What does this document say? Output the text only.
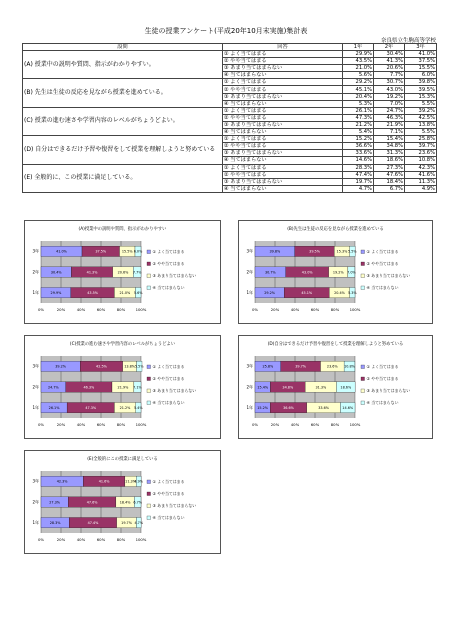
生徒の授業アンケート(平成20年10月末実施)集計表
奈良県立生駒高等学校
設問	回答	1年	2年	3年
(A) 授業中の説明や質問、指示がわかりやすい。	① よく当てはまる	29.9%	30.4%	41.0%
	② やや当てはまる	43.5%	41.3%	37.5%
	③ あまり当てはまらない	21.0%	20.6%	15.5%
	④ 当てはまらない	5.6%	7.7%	6.0%
(B) 先生は生徒の反応を見ながら授業を進めている。	① よく当てはまる	29.2%	30.7%	39.8%
	② やや当てはまる	45.1%	43.0%	39.5%
	③ あまり当てはまらない	20.4%	19.2%	15.3%
	④ 当てはまらない	5.3%	7.0%	5.5%
(C) 授業の進む速さや学習内容のレベルがちょうどよい。	① よく当てはまる	26.1%	24.7%	39.2%
	② やや当てはまる	47.3%	46.3%	42.5%
	③ あまり当てはまらない	21.2%	21.9%	13.8%
	④ 当てはまらない	5.4%	7.1%	5.5%
(D) 自分はできるだけ予習や復習をして授業を理解しようと努めている	① よく当てはまる	15.2%	15.4%	25.8%
	② やや当てはまる	36.6%	34.8%	39.7%
	③ あまり当てはまらない	33.6%	31.3%	23.6%
	④ 当てはまらない	14.6%	18.6%	10.8%
(E) 全般的に、この授業に満足している。	① よく当てはまる	28.3%	27.3%	42.3%
	② やや当てはまる	47.4%	47.6%	41.6%
	③ あまり当てはまらない	19.7%	18.4%	11.3%
	④ 当てはまらない	4.7%	6.7%	4.9%
(A)授業中の説明や質問、指示がわかりやすい
0%	20%	40%	60%	80%	100%
3年	41.0%	37.5%	15.5% 6.0%
2年	30.4%	41.3%	20.6% 7.7%
1年	29.9%	43.5%	21.0% 5.6%
① よく当てはまる
② やや当てはまる
③ あまり当てはまらない
④ 当てはまらない
(B)先生は生徒の反応を見ながら授業を進めている
0%	20%	40%	60%	80%	100%
3年	39.8%	39.5%	15.3% 5.5%
2年	30.7%	43.0%	19.2% 7.0%
1年	29.2%	45.1%	20.4% 5.3%
① よく当てはまる
② やや当てはまる
③ あまり当てはまらない
④ 当てはまらない
(C)授業の進む速さや学習内容のレベルがちょうどよい
0%	20%	40%	60%	80%	100%
3年	39.2%	42.5%	13.8% 5.5%
2年	24.7%	46.3%	21.9% 7.1%
1年	26.1%	47.3%	21.2% 5.4%
① よく当てはまる
② やや当てはまる
③ あまり当てはまらない
④ 当てはまらない
(D)自分はできるだけ予習や復習をして授業を理解しようと努めている
0%	20%	40%	60%	80%	100%
3年	25.8%	39.7%	23.6% 10.8%
2年 15.4%	34.8%	31.3%	18.6%
1年 15.2%	36.6%	33.6%	14.6%
① よく当てはまる
② やや当てはまる
③ あまり当てはまらない
④ 当てはまらない
(E)全般的にこの授業に満足している
0%	20%	40%	60%	80%	100%
3年	42.3%	41.6%	11.3%
4.9%
2年	27.3%	47.6%	18.4% 6.7%
1年	28.3%	47.4%	19.7% 4.7%
① よく当てはまる
② やや当てはまる
③ あまり当てはまらない
④ 当てはまらない
